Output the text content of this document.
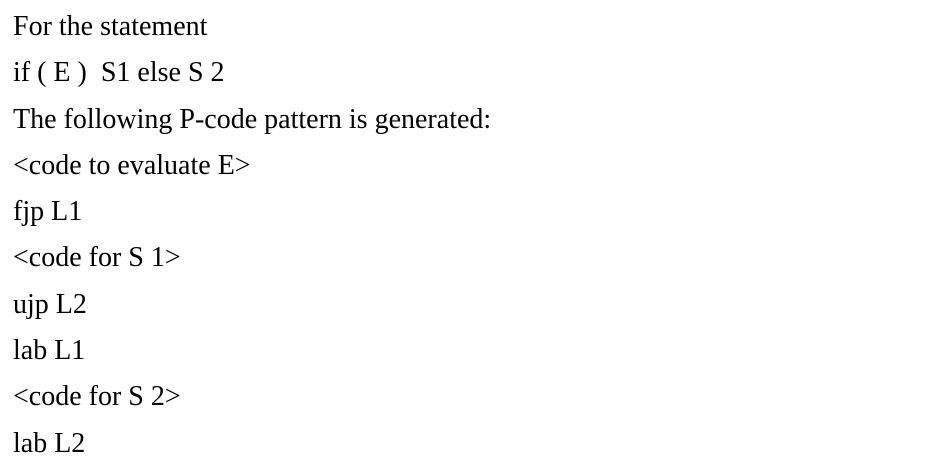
For the statement

if ( E )  S1 else S 2

The following P-code pattern is generated:

<code to evaluate E>

fjp L1

<code for S 1>

ujp L2

lab L1

<code for S 2>

lab L2
